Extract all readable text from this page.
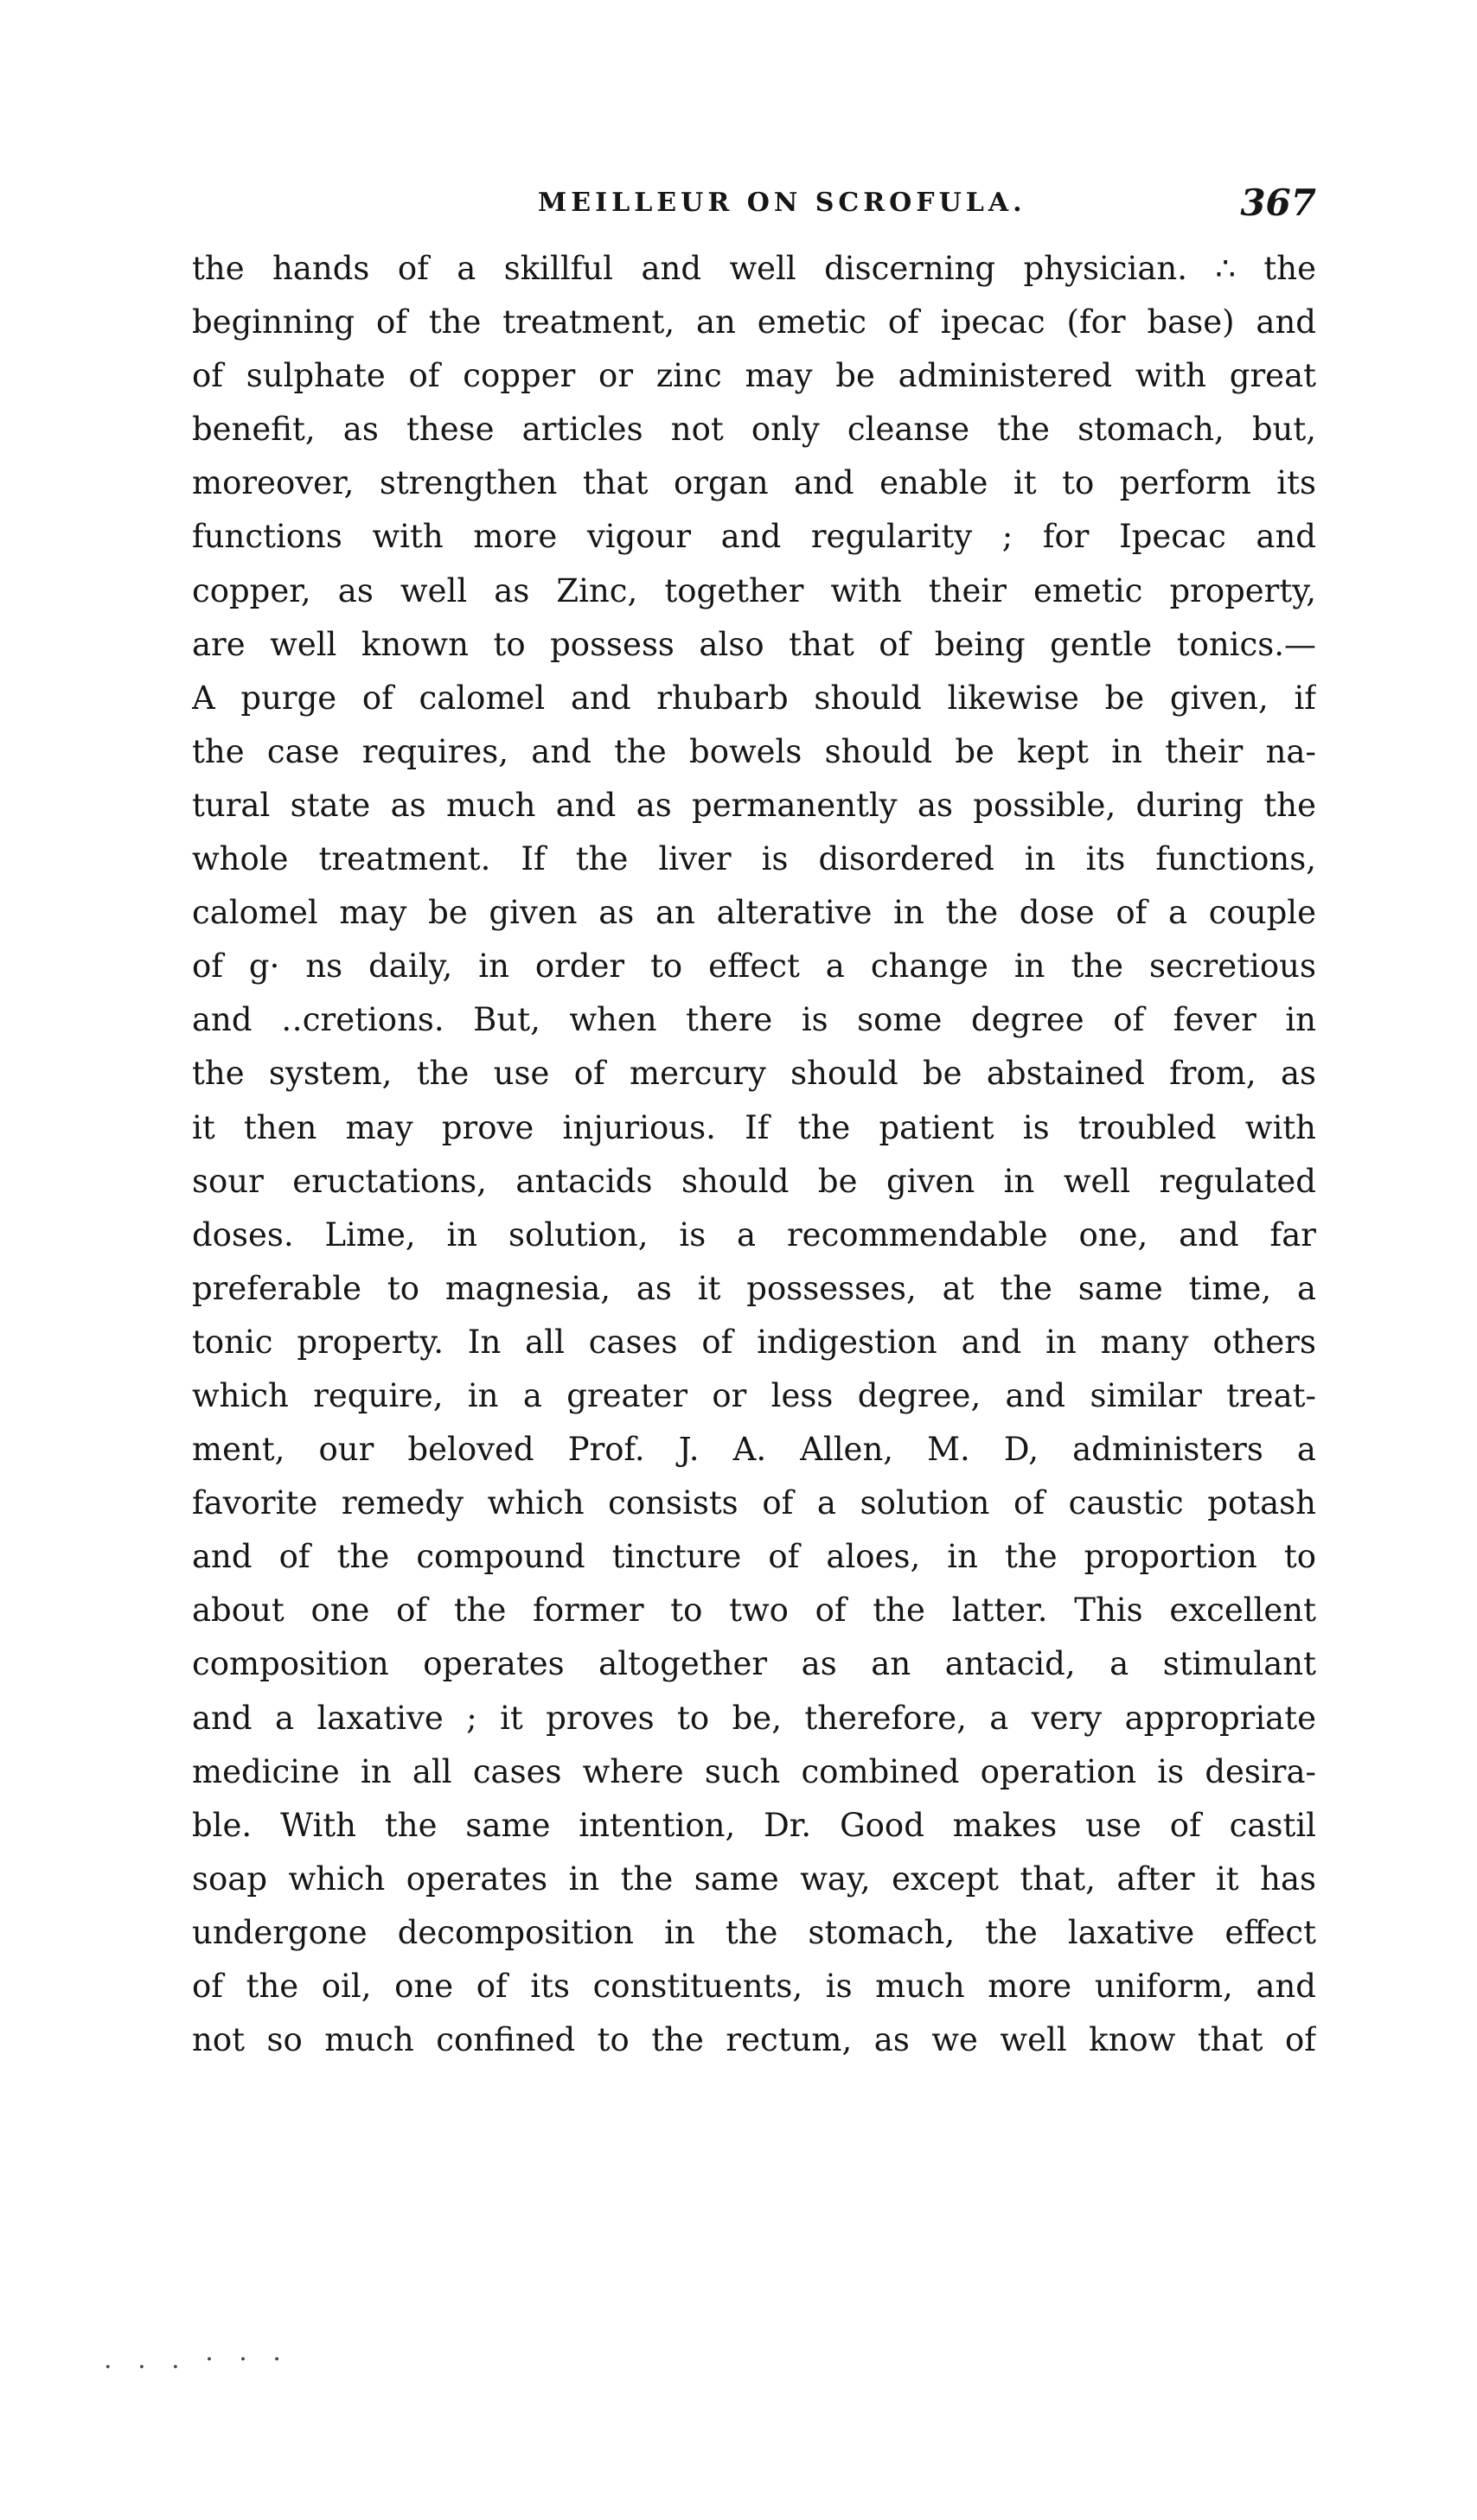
MEILLEUR ON SCROFULA.	367
the hands of a skillful and well discerning physician. ∴ the
beginning of the treatment, an emetic of ipecac (for base) and
of sulphate of copper or zinc may be administered with great
benefit, as these articles not only cleanse the stomach, but,
moreover, strengthen that organ and enable it to perform its
functions with more vigour and regularity ; for Ipecac and
copper, as well as Zinc, together with their emetic property,
are well known to possess also that of being gentle tonics.—
A purge of calomel and rhubarb should likewise be given, if
the case requires, and the bowels should be kept in their na-
tural state as much and as permanently as possible, during the
whole treatment. If the liver is disordered in its functions,
calomel may be given as an alterative in the dose of a couple
of g· ns daily, in order to effect a change in the secretious
and ‥cretions. But, when there is some degree of fever in
the system, the use of mercury should be abstained from, as
it then may prove injurious. If the patient is troubled with
sour eructations, antacids should be given in well regulated
doses. Lime, in solution, is a recommendable one, and far
preferable to magnesia, as it possesses, at the same time, a
tonic property. In all cases of indigestion and in many others
which require, in a greater or less degree, and similar treat-
ment, our beloved Prof. J. A. Allen, M. D, administers a
favorite remedy which consists of a solution of caustic potash
and of the compound tincture of aloes, in the proportion to
about one of the former to two of the latter. This excellent
composition operates altogether as an antacid, a stimulant
and a laxative ; it proves to be, therefore, a very appropriate
medicine in all cases where such combined operation is desira-
ble. With the same intention, Dr. Good makes use of castil
soap which operates in the same way, except that, after it has
undergone decomposition in the stomach, the laxative effect
of the oil, one of its constituents, is much more uniform, and
not so much confined to the rectum, as we well know that of
. . . · · ·
